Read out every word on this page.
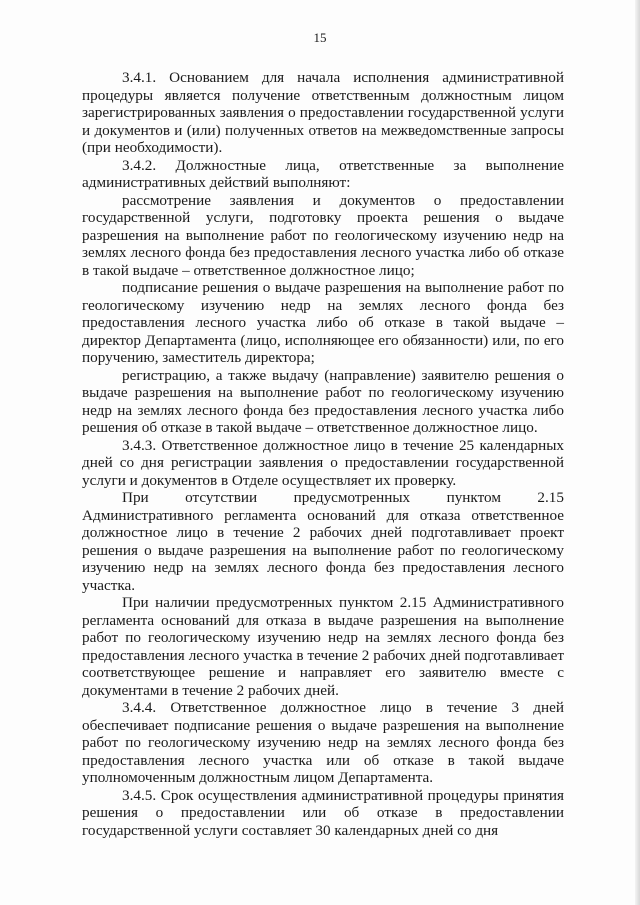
15

3.4.1. Основанием для начала исполнения административной процедуры является получение ответственным должностным лицом зарегистрированных заявления о предоставлении государственной услуги и документов и (или) полученных ответов на межведомственные запросы (при необходимости).

3.4.2. Должностные лица, ответственные за выполнение административных действий выполняют:

рассмотрение заявления и документов о предоставлении государственной услуги, подготовку проекта решения о выдаче разрешения на выполнение работ по геологическому изучению недр на землях лесного фонда без предоставления лесного участка либо об отказе в такой выдаче – ответственное должностное лицо;

подписание решения о выдаче разрешения на выполнение работ по геологическому изучению недр на землях лесного фонда без предоставления лесного участка либо об отказе в такой выдаче – директор Департамента (лицо, исполняющее его обязанности) или, по его поручению, заместитель директора;

регистрацию, а также выдачу (направление) заявителю решения о выдаче разрешения на выполнение работ по геологическому изучению недр на землях лесного фонда без предоставления лесного участка либо решения об отказе в такой выдаче – ответственное должностное лицо.

3.4.3. Ответственное должностное лицо в течение 25 календарных дней со дня регистрации заявления о предоставлении государственной услуги и документов в Отделе осуществляет их проверку.

При отсутствии предусмотренных пунктом 2.15 Административного регламента оснований для отказа ответственное должностное лицо в течение 2 рабочих дней подготавливает проект решения о выдаче разрешения на выполнение работ по геологическому изучению недр на землях лесного фонда без предоставления лесного участка.

При наличии предусмотренных пунктом 2.15 Административного регламента оснований для отказа в выдаче разрешения на выполнение работ по геологическому изучению недр на землях лесного фонда без предоставления лесного участка в течение 2 рабочих дней подготавливает соответствующее решение и направляет его заявителю вместе с документами в течение 2 рабочих дней.

3.4.4. Ответственное должностное лицо в течение 3 дней обеспечивает подписание решения о выдаче разрешения на выполнение работ по геологическому изучению недр на землях лесного фонда без предоставления лесного участка или об отказе в такой выдаче уполномоченным должностным лицом Департамента.

3.4.5. Срок осуществления административной процедуры принятия решения о предоставлении или об отказе в предоставлении государственной услуги составляет 30 календарных дней со дня
